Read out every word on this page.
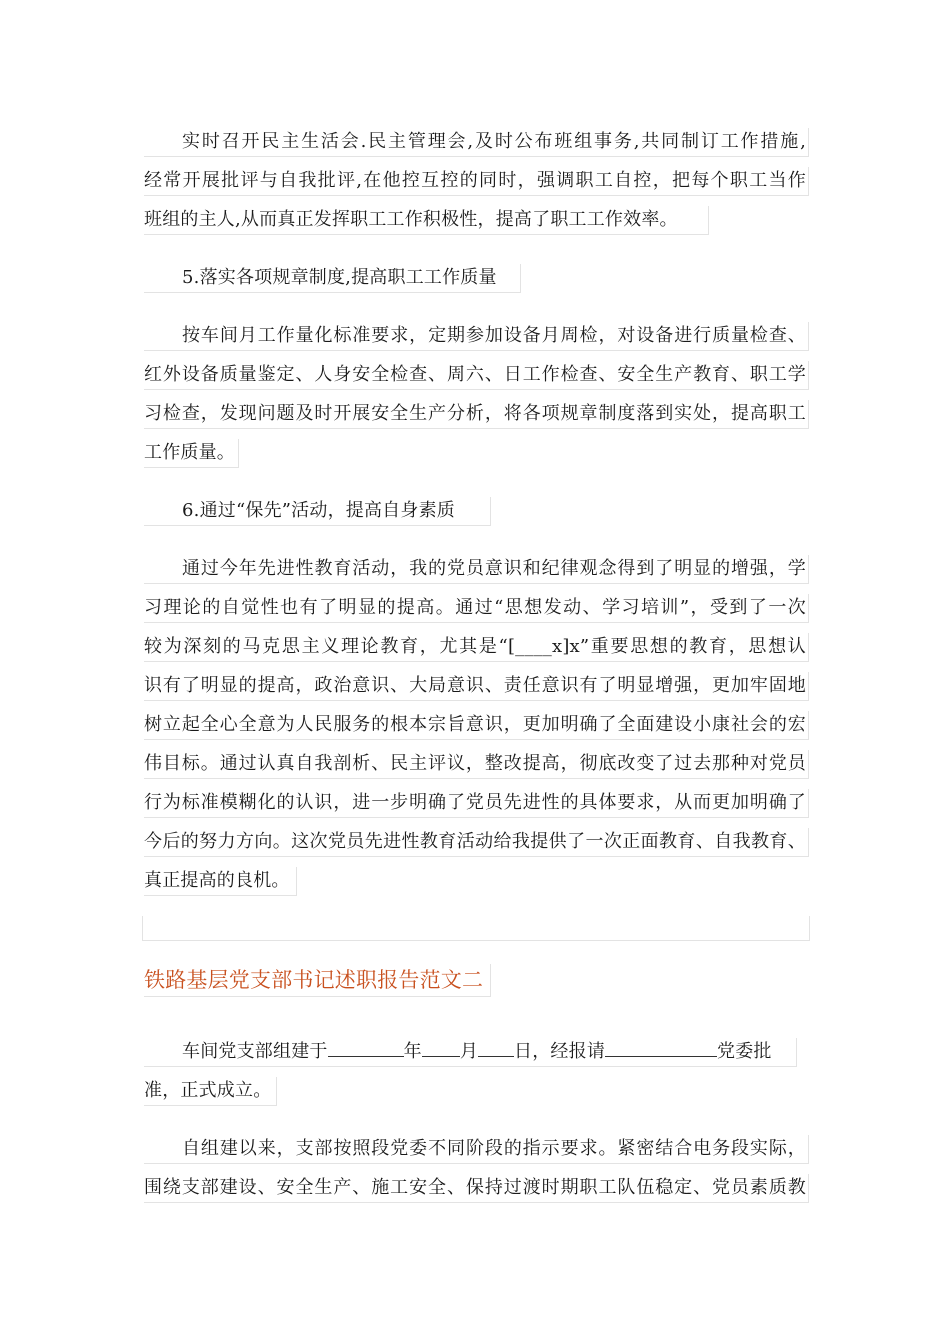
实时召开民主生活会.民主管理会,及时公布班组事务,共同制订工作措施,
经常开展批评与自我批评,在他控互控的同时，强调职工自控，把每个职工当作
班组的主人,从而真正发挥职工工作积极性，提高了职工工作效率。
5.落实各项规章制度,提高职工工作质量
按车间月工作量化标准要求，定期参加设备月周检，对设备进行质量检查、
红外设备质量鉴定、人身安全检查、周六、日工作检查、安全生产教育、职工学
习检查，发现问题及时开展安全生产分析，将各项规章制度落到实处，提高职工
工作质量。
6.通过“保先”活动，提高自身素质
通过今年先进性教育活动，我的党员意识和纪律观念得到了明显的增强，学
习理论的自觉性也有了明显的提高。通过“思想发动、学习培训”，受到了一次
较为深刻的马克思主义理论教育，尤其是“[____x]x”重要思想的教育，思想认
识有了明显的提高，政治意识、大局意识、责任意识有了明显增强，更加牢固地
树立起全心全意为人民服务的根本宗旨意识，更加明确了全面建设小康社会的宏
伟目标。通过认真自我剖析、民主评议，整改提高，彻底改变了过去那种对党员
行为标准模糊化的认识，进一步明确了党员先进性的具体要求，从而更加明确了
今后的努力方向。这次党员先进性教育活动给我提供了一次正面教育、自我教育、
真正提高的良机。
铁路基层党支部书记述职报告范文二
车间党支部组建于	年 月 日，经报请	党委批
准，正式成立。
自组建以来，支部按照段党委不同阶段的指示要求。紧密结合电务段实际，
围绕支部建设、安全生产、施工安全、保持过渡时期职工队伍稳定、党员素质教
